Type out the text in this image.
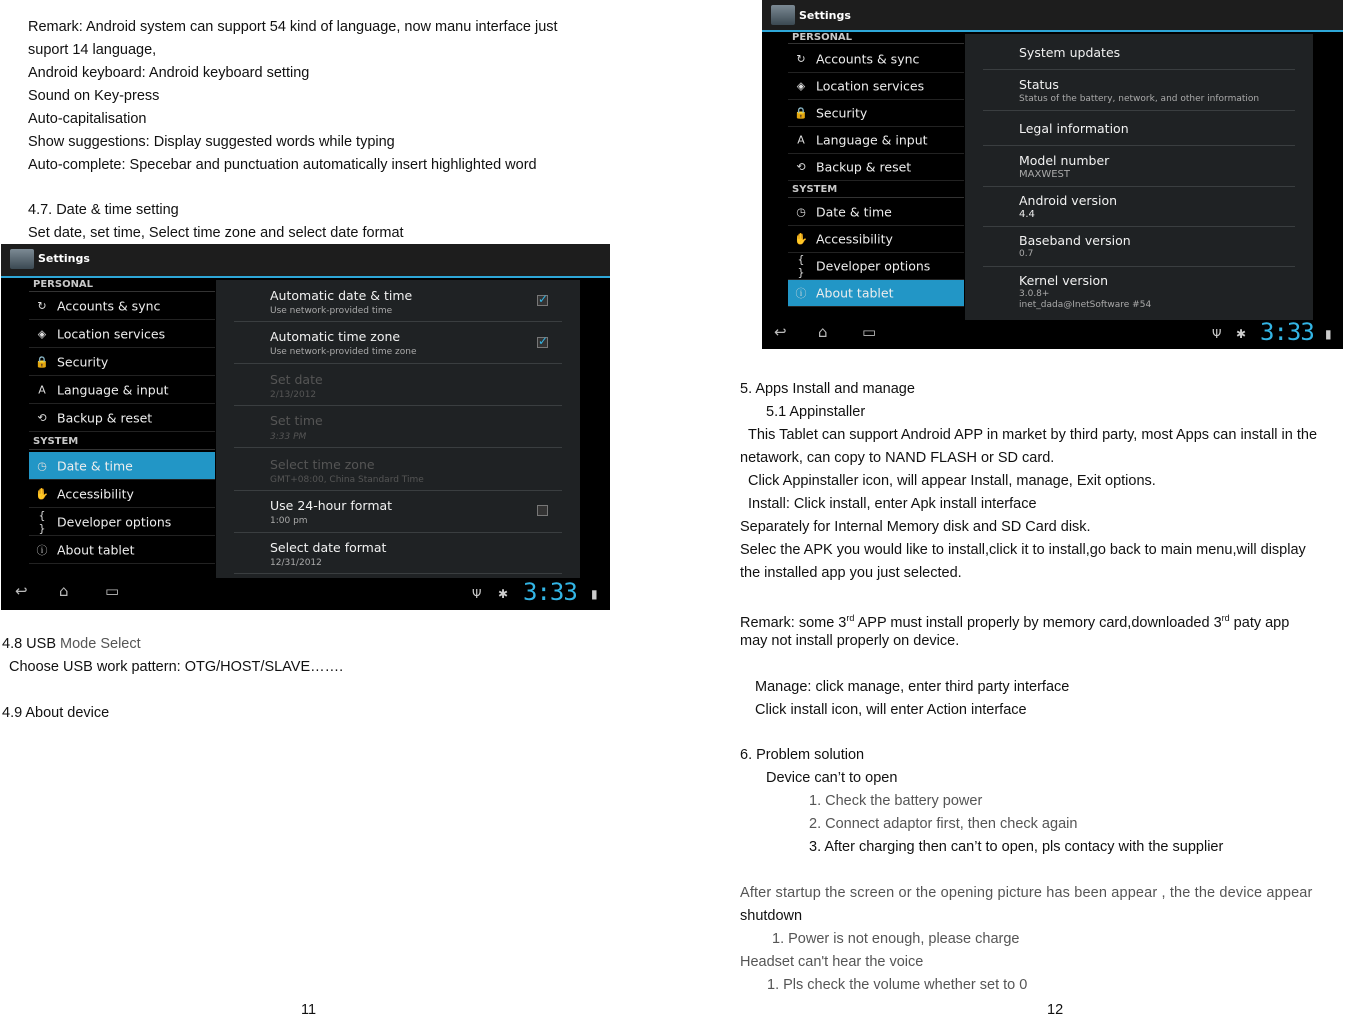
Remark: Android system can support 54 kind of language, now manu interface just
suport 14 language,
Android keyboard: Android keyboard setting
Sound on Key-press
Auto-capitalisation
Show suggestions: Display suggested words while typing
Auto-complete: Specebar and punctuation automatically insert highlighted word
4.7. Date & time setting
Set date, set time, Select time zone and select date format
Settings
PERSONAL
↻ Accounts & sync
◈ Location services
🔒 Security
A Language & input
⟲ Backup & reset
SYSTEM
◷ Date & time
✋ Accessibility
{ } Developer options
ⓘ About tablet
Automatic date & time
Use network-provided time
✓
Automatic time zone
Use network-provided time zone
✓
Set date
2/13/2012
Set time
3:33 PM
Select time zone
GMT+08:00, China Standard Time
Use 24-hour format
1:00 pm
Select date format
12/31/2012
↩ ⌂ ▭	Ψ ✱ 3:33 ▮
4.8 USB Mode Select
Choose USB work pattern: OTG/HOST/SLAVE…….
4.9 About device
11
Settings
PERSONAL
↻ Accounts & sync
◈ Location services
🔒 Security
A Language & input
⟲ Backup & reset
SYSTEM
◷ Date & time
✋ Accessibility
{ } Developer options
ⓘ About tablet
System updates
Status
Status of the battery, network, and other information
Legal information
Model number
MAXWEST
Android version
4.4
Baseband version
0.7
Kernel version
3.0.8+
inet_dada@InetSoftware #54
↩ ⌂ ▭	Ψ ✱ 3:33 ▮
5. Apps Install and manage
5.1 Appinstaller
This Tablet can support Android APP in market by third party, most Apps can install in the
netawork, can copy to NAND FLASH or SD card.
Click Appinstaller icon, will appear Install, manage, Exit options.
Install: Click install, enter Apk install interface
Separately for Internal Memory disk and SD Card disk.
Selec the APK you would like to install,click it to install,go back to main menu,will display
the installed app you just selected.
Remark: some 3rd APP must install properly by memory card,downloaded 3rd paty app
may not install properly on device.
Manage: click manage, enter third party interface
Click install icon, will enter Action interface
6. Problem solution
Device can’t to open
1. Check the battery power
2. Connect adaptor first, then check again
3. After charging then can’t to open, pls contacy with the supplier
After startup the screen or the opening picture has been appear , the the device appear
shutdown
1. Power is not enough, please charge
Headset can't hear the voice
1. Pls check the volume whether set to 0
12
